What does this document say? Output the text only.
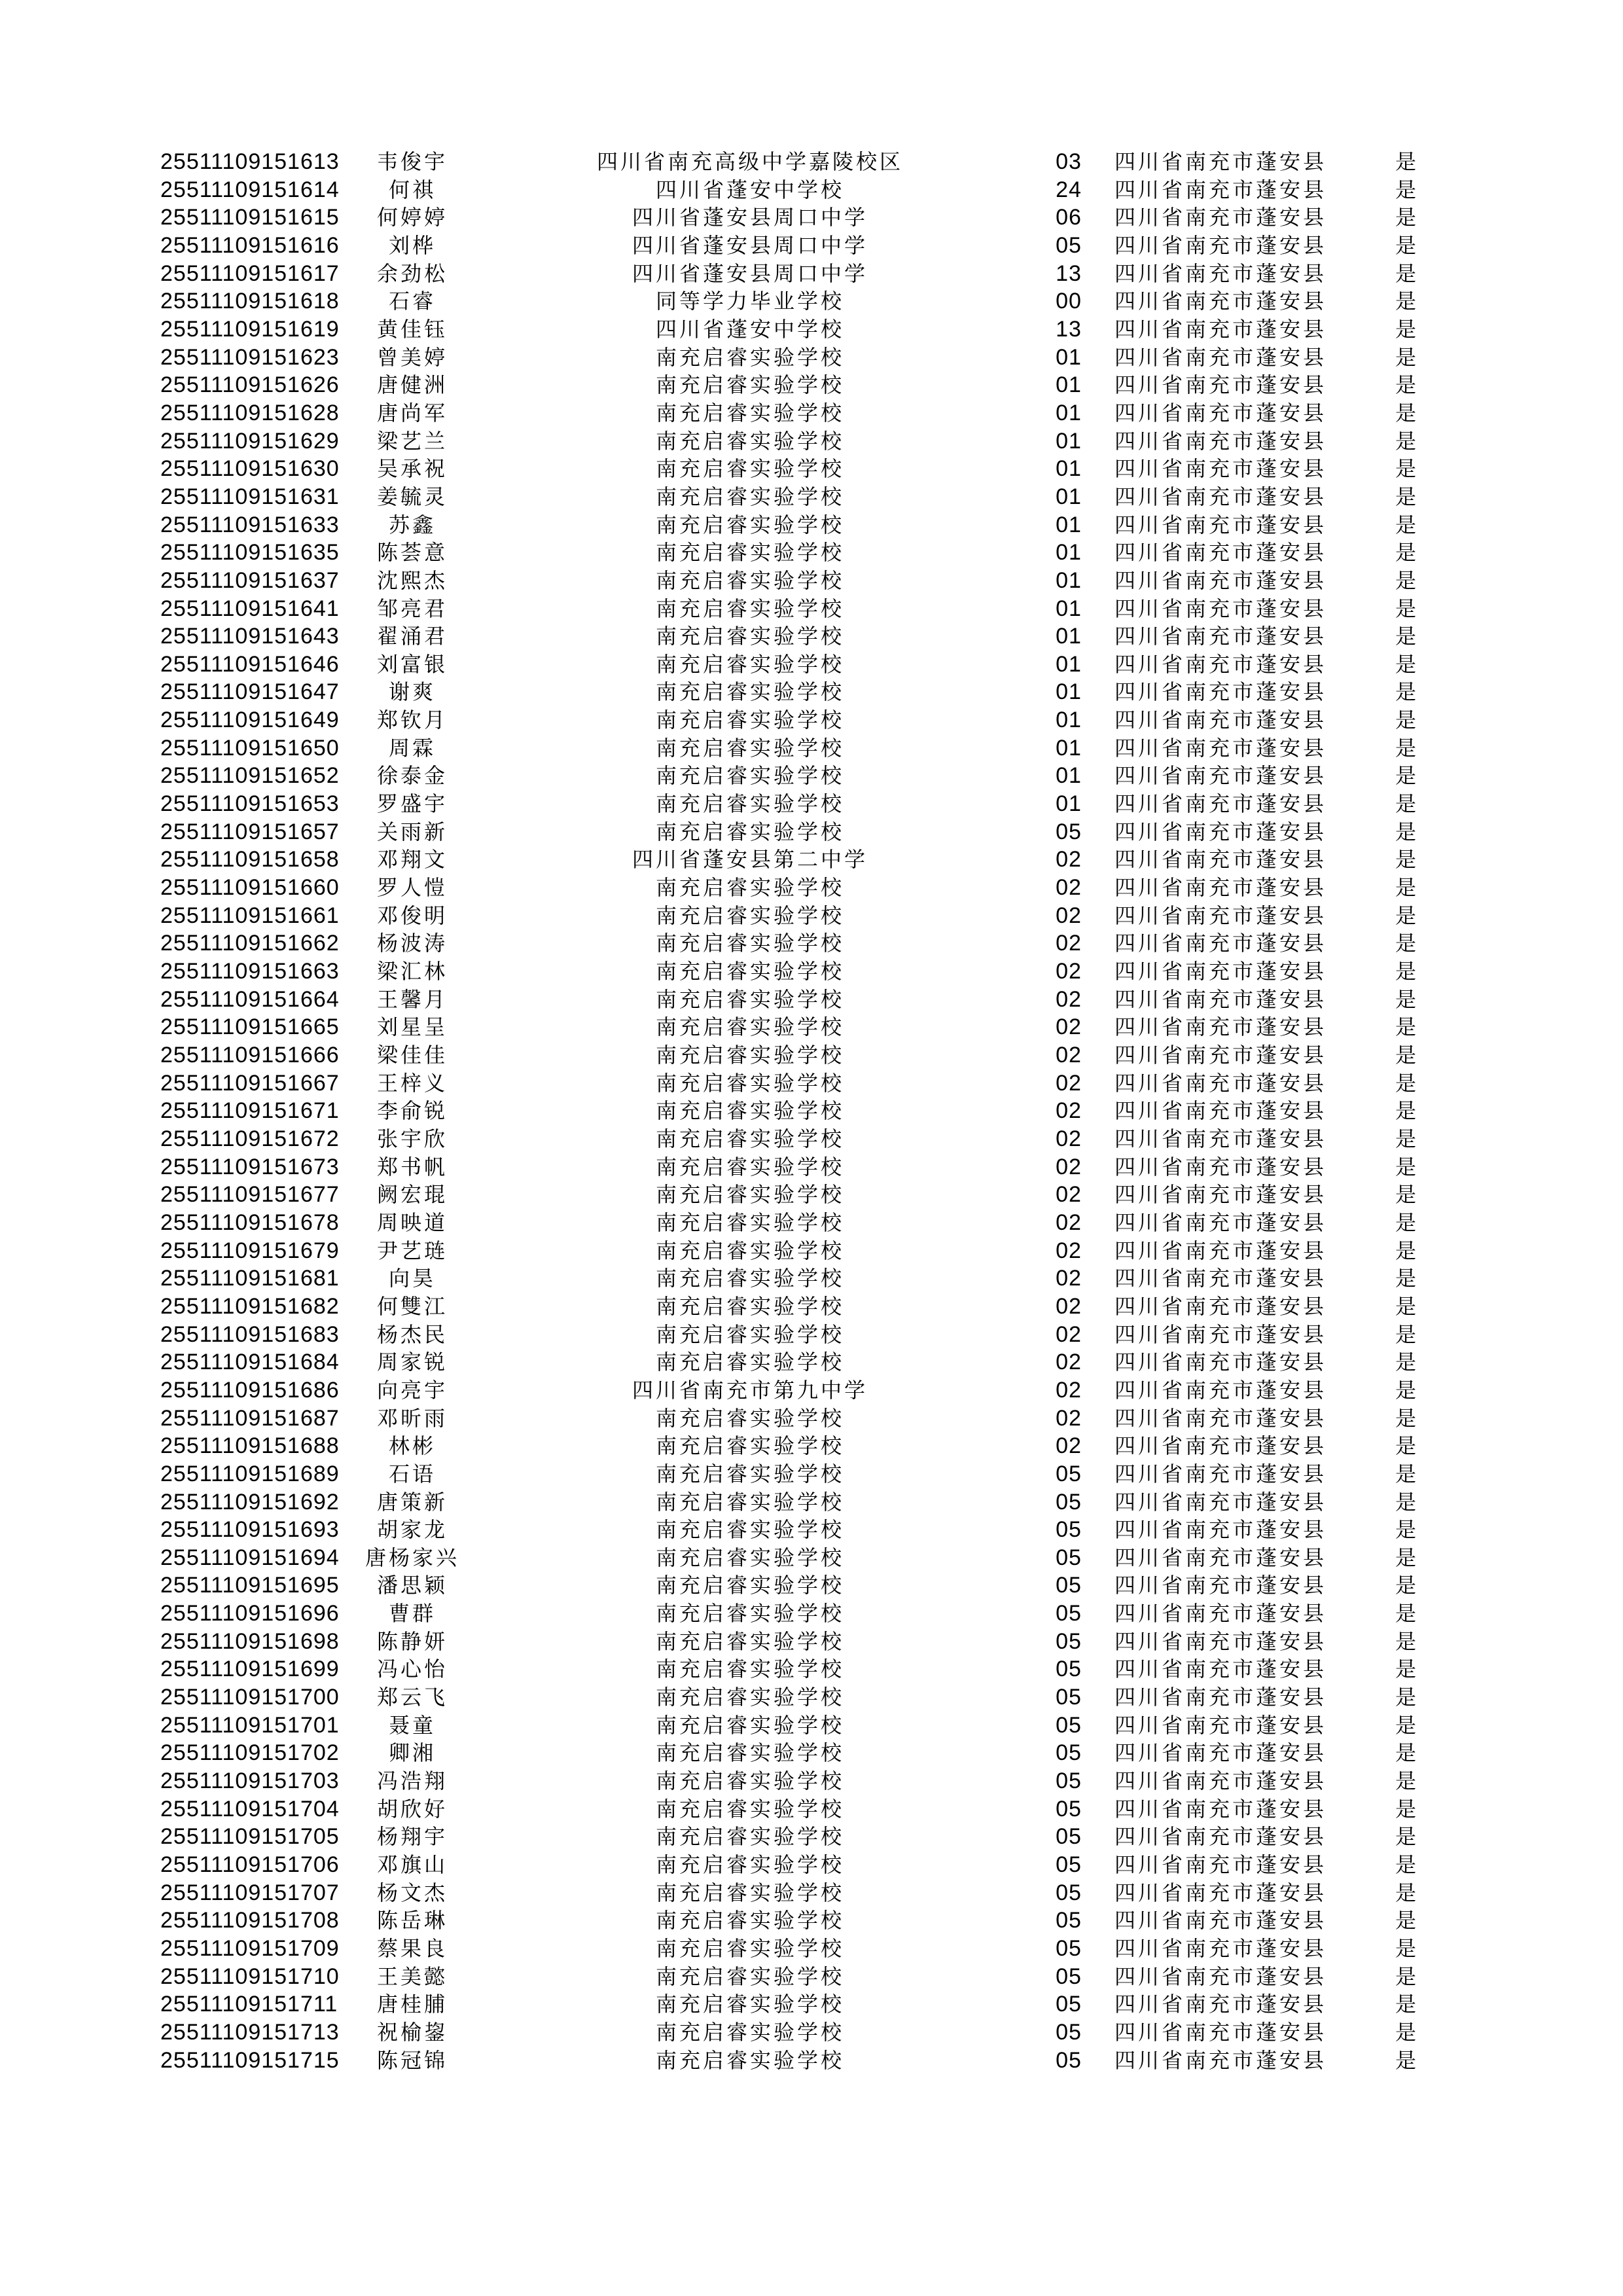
25511109151613	韦俊宇	四川省南充高级中学嘉陵校区	03	四川省南充市蓬安县	是
25511109151614	何祺	四川省蓬安中学校	24	四川省南充市蓬安县	是
25511109151615	何婷婷	四川省蓬安县周口中学	06	四川省南充市蓬安县	是
25511109151616	刘桦	四川省蓬安县周口中学	05	四川省南充市蓬安县	是
25511109151617	余劲松	四川省蓬安县周口中学	13	四川省南充市蓬安县	是
25511109151618	石睿	同等学力毕业学校	00	四川省南充市蓬安县	是
25511109151619	黄佳钰	四川省蓬安中学校	13	四川省南充市蓬安县	是
25511109151623	曾美婷	南充启睿实验学校	01	四川省南充市蓬安县	是
25511109151626	唐健洲	南充启睿实验学校	01	四川省南充市蓬安县	是
25511109151628	唐尚军	南充启睿实验学校	01	四川省南充市蓬安县	是
25511109151629	梁艺兰	南充启睿实验学校	01	四川省南充市蓬安县	是
25511109151630	吴承祝	南充启睿实验学校	01	四川省南充市蓬安县	是
25511109151631	姜毓灵	南充启睿实验学校	01	四川省南充市蓬安县	是
25511109151633	苏鑫	南充启睿实验学校	01	四川省南充市蓬安县	是
25511109151635	陈荟意	南充启睿实验学校	01	四川省南充市蓬安县	是
25511109151637	沈熙杰	南充启睿实验学校	01	四川省南充市蓬安县	是
25511109151641	邹亮君	南充启睿实验学校	01	四川省南充市蓬安县	是
25511109151643	翟涌君	南充启睿实验学校	01	四川省南充市蓬安县	是
25511109151646	刘富银	南充启睿实验学校	01	四川省南充市蓬安县	是
25511109151647	谢爽	南充启睿实验学校	01	四川省南充市蓬安县	是
25511109151649	郑钦月	南充启睿实验学校	01	四川省南充市蓬安县	是
25511109151650	周霖	南充启睿实验学校	01	四川省南充市蓬安县	是
25511109151652	徐泰金	南充启睿实验学校	01	四川省南充市蓬安县	是
25511109151653	罗盛宇	南充启睿实验学校	01	四川省南充市蓬安县	是
25511109151657	关雨新	南充启睿实验学校	05	四川省南充市蓬安县	是
25511109151658	邓翔文	四川省蓬安县第二中学	02	四川省南充市蓬安县	是
25511109151660	罗人愷	南充启睿实验学校	02	四川省南充市蓬安县	是
25511109151661	邓俊明	南充启睿实验学校	02	四川省南充市蓬安县	是
25511109151662	杨波涛	南充启睿实验学校	02	四川省南充市蓬安县	是
25511109151663	梁汇林	南充启睿实验学校	02	四川省南充市蓬安县	是
25511109151664	王馨月	南充启睿实验学校	02	四川省南充市蓬安县	是
25511109151665	刘星呈	南充启睿实验学校	02	四川省南充市蓬安县	是
25511109151666	梁佳佳	南充启睿实验学校	02	四川省南充市蓬安县	是
25511109151667	王梓义	南充启睿实验学校	02	四川省南充市蓬安县	是
25511109151671	李俞锐	南充启睿实验学校	02	四川省南充市蓬安县	是
25511109151672	张宇欣	南充启睿实验学校	02	四川省南充市蓬安县	是
25511109151673	郑书帆	南充启睿实验学校	02	四川省南充市蓬安县	是
25511109151677	阙宏琨	南充启睿实验学校	02	四川省南充市蓬安县	是
25511109151678	周映道	南充启睿实验学校	02	四川省南充市蓬安县	是
25511109151679	尹艺琏	南充启睿实验学校	02	四川省南充市蓬安县	是
25511109151681	向昊	南充启睿实验学校	02	四川省南充市蓬安县	是
25511109151682	何雙江	南充启睿实验学校	02	四川省南充市蓬安县	是
25511109151683	杨杰民	南充启睿实验学校	02	四川省南充市蓬安县	是
25511109151684	周家锐	南充启睿实验学校	02	四川省南充市蓬安县	是
25511109151686	向亮宇	四川省南充市第九中学	02	四川省南充市蓬安县	是
25511109151687	邓昕雨	南充启睿实验学校	02	四川省南充市蓬安县	是
25511109151688	林彬	南充启睿实验学校	02	四川省南充市蓬安县	是
25511109151689	石语	南充启睿实验学校	05	四川省南充市蓬安县	是
25511109151692	唐策新	南充启睿实验学校	05	四川省南充市蓬安县	是
25511109151693	胡家龙	南充启睿实验学校	05	四川省南充市蓬安县	是
25511109151694	唐杨家兴	南充启睿实验学校	05	四川省南充市蓬安县	是
25511109151695	潘思颖	南充启睿实验学校	05	四川省南充市蓬安县	是
25511109151696	曹群	南充启睿实验学校	05	四川省南充市蓬安县	是
25511109151698	陈静妍	南充启睿实验学校	05	四川省南充市蓬安县	是
25511109151699	冯心怡	南充启睿实验学校	05	四川省南充市蓬安县	是
25511109151700	郑云飞	南充启睿实验学校	05	四川省南充市蓬安县	是
25511109151701	聂童	南充启睿实验学校	05	四川省南充市蓬安县	是
25511109151702	卿湘	南充启睿实验学校	05	四川省南充市蓬安县	是
25511109151703	冯浩翔	南充启睿实验学校	05	四川省南充市蓬安县	是
25511109151704	胡欣好	南充启睿实验学校	05	四川省南充市蓬安县	是
25511109151705	杨翔宇	南充启睿实验学校	05	四川省南充市蓬安县	是
25511109151706	邓旗山	南充启睿实验学校	05	四川省南充市蓬安县	是
25511109151707	杨文杰	南充启睿实验学校	05	四川省南充市蓬安县	是
25511109151708	陈岳琳	南充启睿实验学校	05	四川省南充市蓬安县	是
25511109151709	蔡果良	南充启睿实验学校	05	四川省南充市蓬安县	是
25511109151710	王美懿	南充启睿实验学校	05	四川省南充市蓬安县	是
25511109151711	唐桂脯	南充启睿实验学校	05	四川省南充市蓬安县	是
25511109151713	祝榆鋆	南充启睿实验学校	05	四川省南充市蓬安县	是
25511109151715	陈冠锦	南充启睿实验学校	05	四川省南充市蓬安县	是
